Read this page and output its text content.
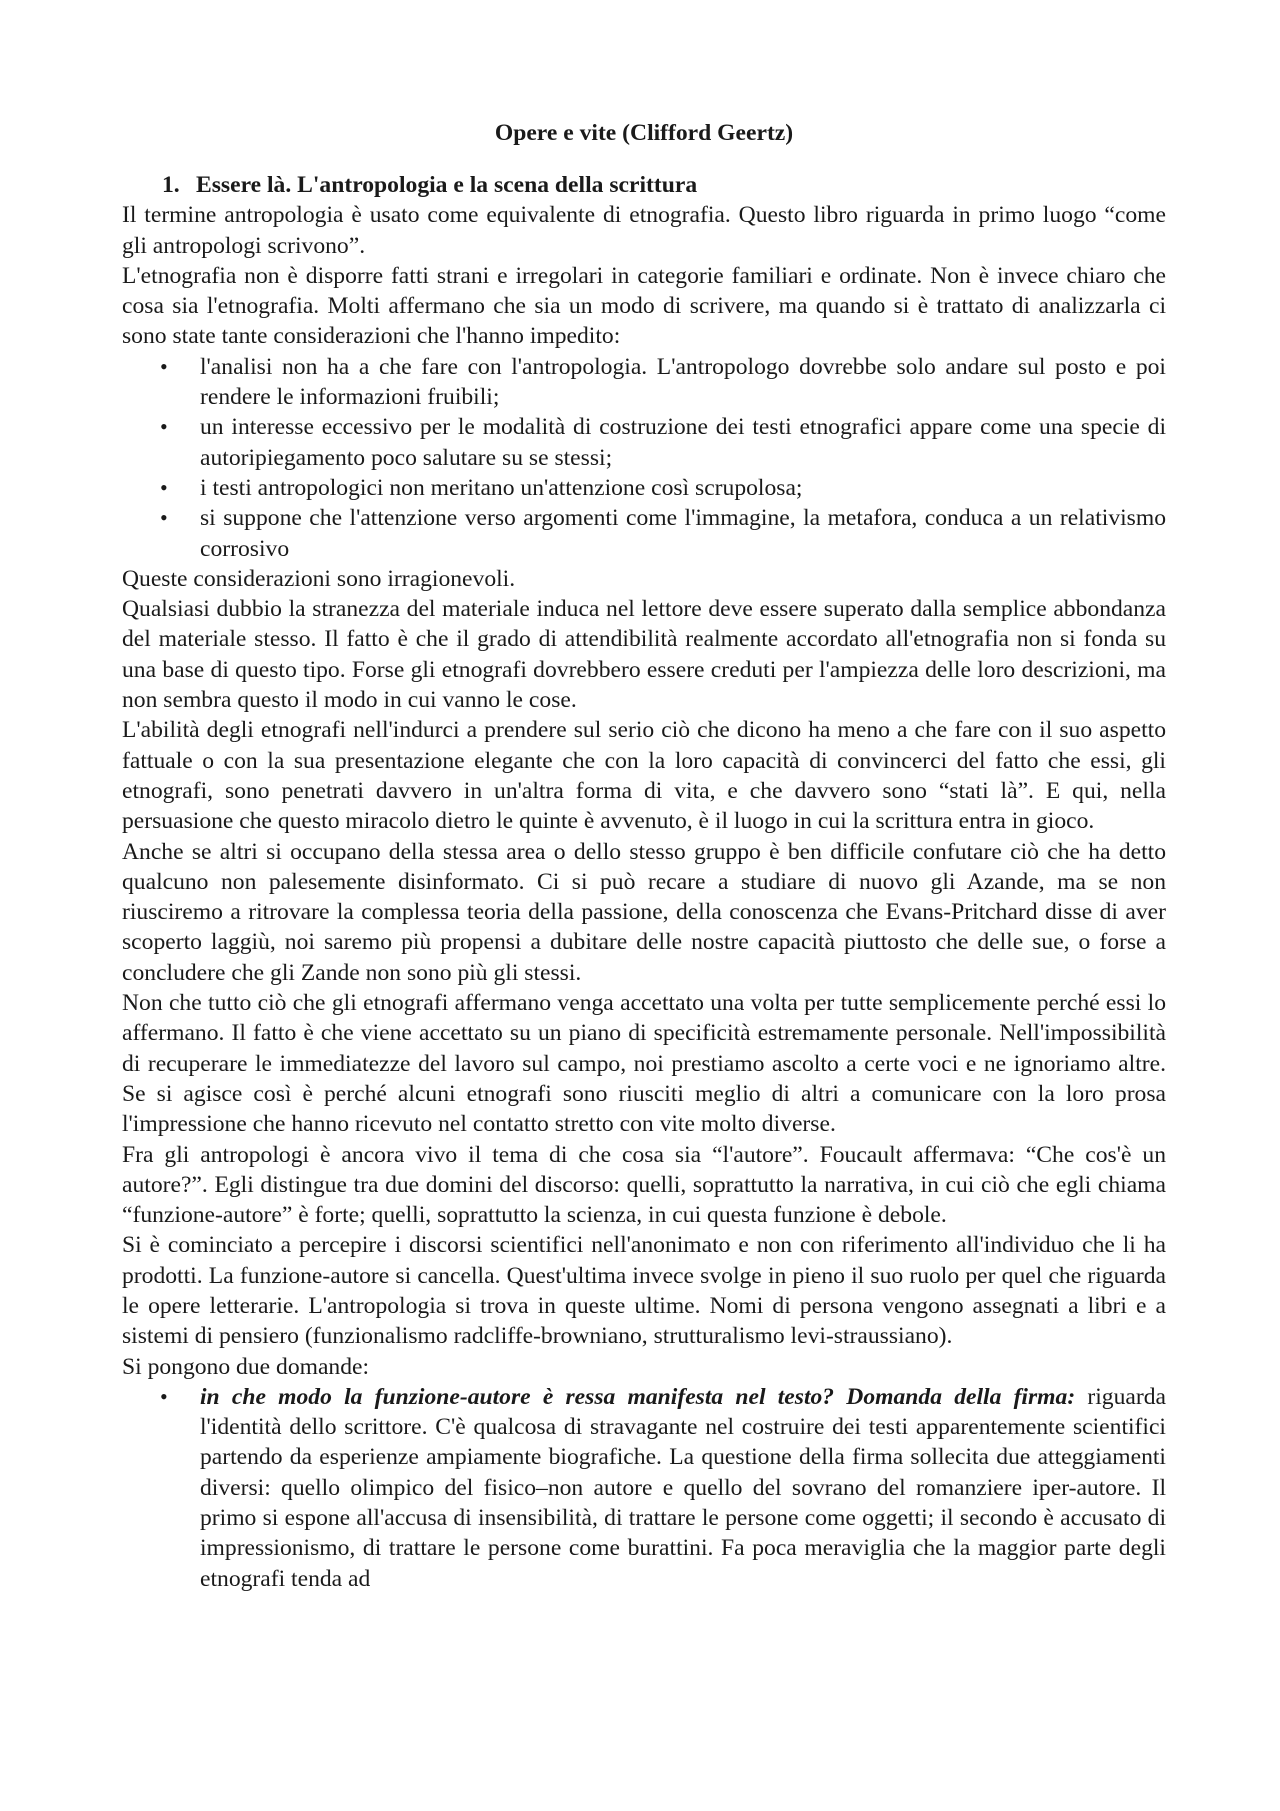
Opere e vite (Clifford Geertz)
1. Essere là. L'antropologia e la scena della scrittura

Il termine antropologia è usato come equivalente di etnografia. Questo libro riguarda in primo luogo “come gli antropologi scrivono”.

L'etnografia non è disporre fatti strani e irregolari in categorie familiari e ordinate. Non è invece chiaro che cosa sia l'etnografia. Molti affermano che sia un modo di scrivere, ma quando si è trattato di analizzarla ci sono state tante considerazioni che l'hanno impedito:

• l'analisi non ha a che fare con l'antropologia. L'antropologo dovrebbe solo andare sul posto e poi rendere le informazioni fruibili;
• un interesse eccessivo per le modalità di costruzione dei testi etnografici appare come una specie di autoripiegamento poco salutare su se stessi;
• i testi antropologici non meritano un'attenzione così scrupolosa;
• si suppone che l'attenzione verso argomenti come l'immagine, la metafora, conduca a un relativismo corrosivo

Queste considerazioni sono irragionevoli.

Qualsiasi dubbio la stranezza del materiale induca nel lettore deve essere superato dalla semplice abbondanza del materiale stesso. Il fatto è che il grado di attendibilità realmente accordato all'etnografia non si fonda su una base di questo tipo. Forse gli etnografi dovrebbero essere creduti per l'ampiezza delle loro descrizioni, ma non sembra questo il modo in cui vanno le cose.

L'abilità degli etnografi nell'indurci a prendere sul serio ciò che dicono ha meno a che fare con il suo aspetto fattuale o con la sua presentazione elegante che con la loro capacità di convincerci del fatto che essi, gli etnografi, sono penetrati davvero in un'altra forma di vita, e che davvero sono “stati là”. E qui, nella persuasione che questo miracolo dietro le quinte è avvenuto, è il luogo in cui la scrittura entra in gioco.

Anche se altri si occupano della stessa area o dello stesso gruppo è ben difficile confutare ciò che ha detto qualcuno non palesemente disinformato. Ci si può recare a studiare di nuovo gli Azande, ma se non riusciremo a ritrovare la complessa teoria della passione, della conoscenza che Evans-Pritchard disse di aver scoperto laggiù, noi saremo più propensi a dubitare delle nostre capacità piuttosto che delle sue, o forse a concludere che gli Zande non sono più gli stessi.

Non che tutto ciò che gli etnografi affermano venga accettato una volta per tutte semplicemente perché essi lo affermano. Il fatto è che viene accettato su un piano di specificità estremamente personale. Nell'impossibilità di recuperare le immediatezze del lavoro sul campo, noi prestiamo ascolto a certe voci e ne ignoriamo altre. Se si agisce così è perché alcuni etnografi sono riusciti meglio di altri a comunicare con la loro prosa l'impressione che hanno ricevuto nel contatto stretto con vite molto diverse.

Fra gli antropologi è ancora vivo il tema di che cosa sia “l'autore”. Foucault affermava: “Che cos'è un autore?”. Egli distingue tra due domini del discorso: quelli, soprattutto la narrativa, in cui ciò che egli chiama “funzione-autore” è forte; quelli, soprattutto la scienza, in cui questa funzione è debole.

Si è cominciato a percepire i discorsi scientifici nell'anonimato e non con riferimento all'individuo che li ha prodotti. La funzione-autore si cancella. Quest'ultima invece svolge in pieno il suo ruolo per quel che riguarda le opere letterarie. L'antropologia si trova in queste ultime. Nomi di persona vengono assegnati a libri e a sistemi di pensiero (funzionalismo radcliffe-browniano, strutturalismo levi-straussiano).

Si pongono due domande:

• in che modo la funzione-autore è ressa manifesta nel testo? Domanda della firma: riguarda l'identità dello scrittore. C'è qualcosa di stravagante nel costruire dei testi apparentemente scientifici partendo da esperienze ampiamente biografiche. La questione della firma sollecita due atteggiamenti diversi: quello olimpico del fisico–non autore e quello del sovrano del romanziere iper-autore. Il primo si espone all'accusa di insensibilità, di trattare le persone come oggetti; il secondo è accusato di impressionismo, di trattare le persone come burattini. Fa poca meraviglia che la maggior parte degli etnografi tenda ad
